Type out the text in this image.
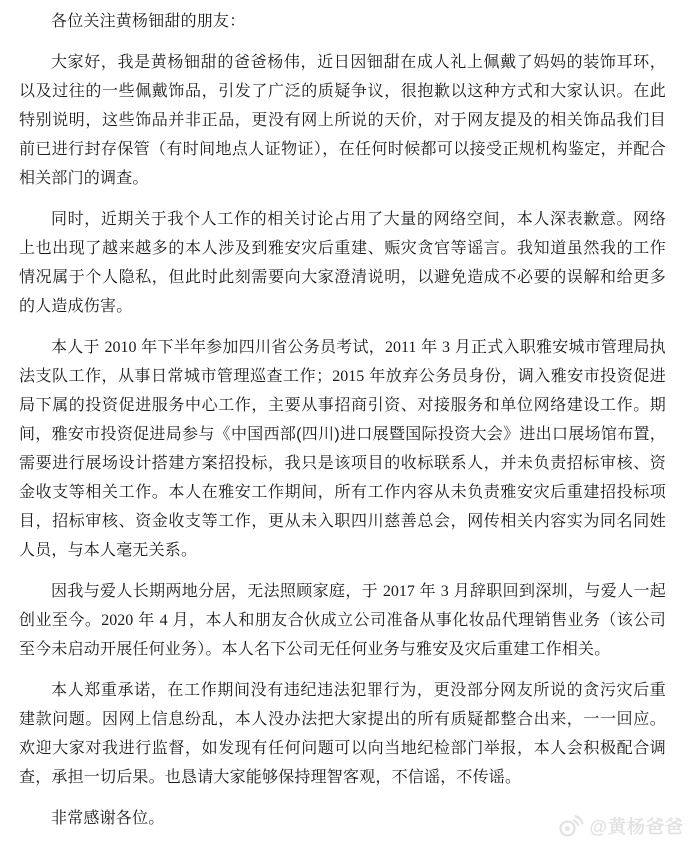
各位关注黄杨钿甜的朋友：

大家好，我是黄杨钿甜的爸爸杨伟，近日因钿甜在成人礼上佩戴了妈妈的装饰耳环，以及过往的一些佩戴饰品，引发了广泛的质疑争议，很抱歉以这种方式和大家认识。在此特别说明，这些饰品并非正品，更没有网上所说的天价，对于网友提及的相关饰品我们目前已进行封存保管（有时间地点人证物证），在任何时候都可以接受正规机构鉴定，并配合相关部门的调查。

同时，近期关于我个人工作的相关讨论占用了大量的网络空间，本人深表歉意。网络上也出现了越来越多的本人涉及到雅安灾后重建、赈灾贪官等谣言。我知道虽然我的工作情况属于个人隐私，但此时此刻需要向大家澄清说明，以避免造成不必要的误解和给更多的人造成伤害。

本人于 2010 年下半年参加四川省公务员考试，2011 年 3 月正式入职雅安城市管理局执法支队工作，从事日常城市管理巡查工作；2015 年放弃公务员身份，调入雅安市投资促进局下属的投资促进服务中心工作，主要从事招商引资、对接服务和单位网络建设工作。期间，雅安市投资促进局参与《中国西部(四川)进口展暨国际投资大会》进出口展场馆布置，需要进行展场设计搭建方案招投标，我只是该项目的收标联系人，并未负责招标审核、资金收支等相关工作。本人在雅安工作期间，所有工作内容从未负责雅安灾后重建招投标项目，招标审核、资金收支等工作，更从未入职四川慈善总会，网传相关内容实为同名同姓人员，与本人毫无关系。

因我与爱人长期两地分居，无法照顾家庭，于 2017 年 3 月辞职回到深圳，与爱人一起创业至今。2020 年 4 月，本人和朋友合伙成立公司准备从事化妆品代理销售业务（该公司至今未启动开展任何业务）。本人名下公司无任何业务与雅安及灾后重建工作相关。

本人郑重承诺，在工作期间没有违纪违法犯罪行为，更没部分网友所说的贪污灾后重建款问题。因网上信息纷乱，本人没办法把大家提出的所有质疑都整合出来，一一回应。欢迎大家对我进行监督，如发现有任何问题可以向当地纪检部门举报，本人会积极配合调查，承担一切后果。也恳请大家能够保持理智客观，不信谣，不传谣。

非常感谢各位。	@黄杨爸爸
